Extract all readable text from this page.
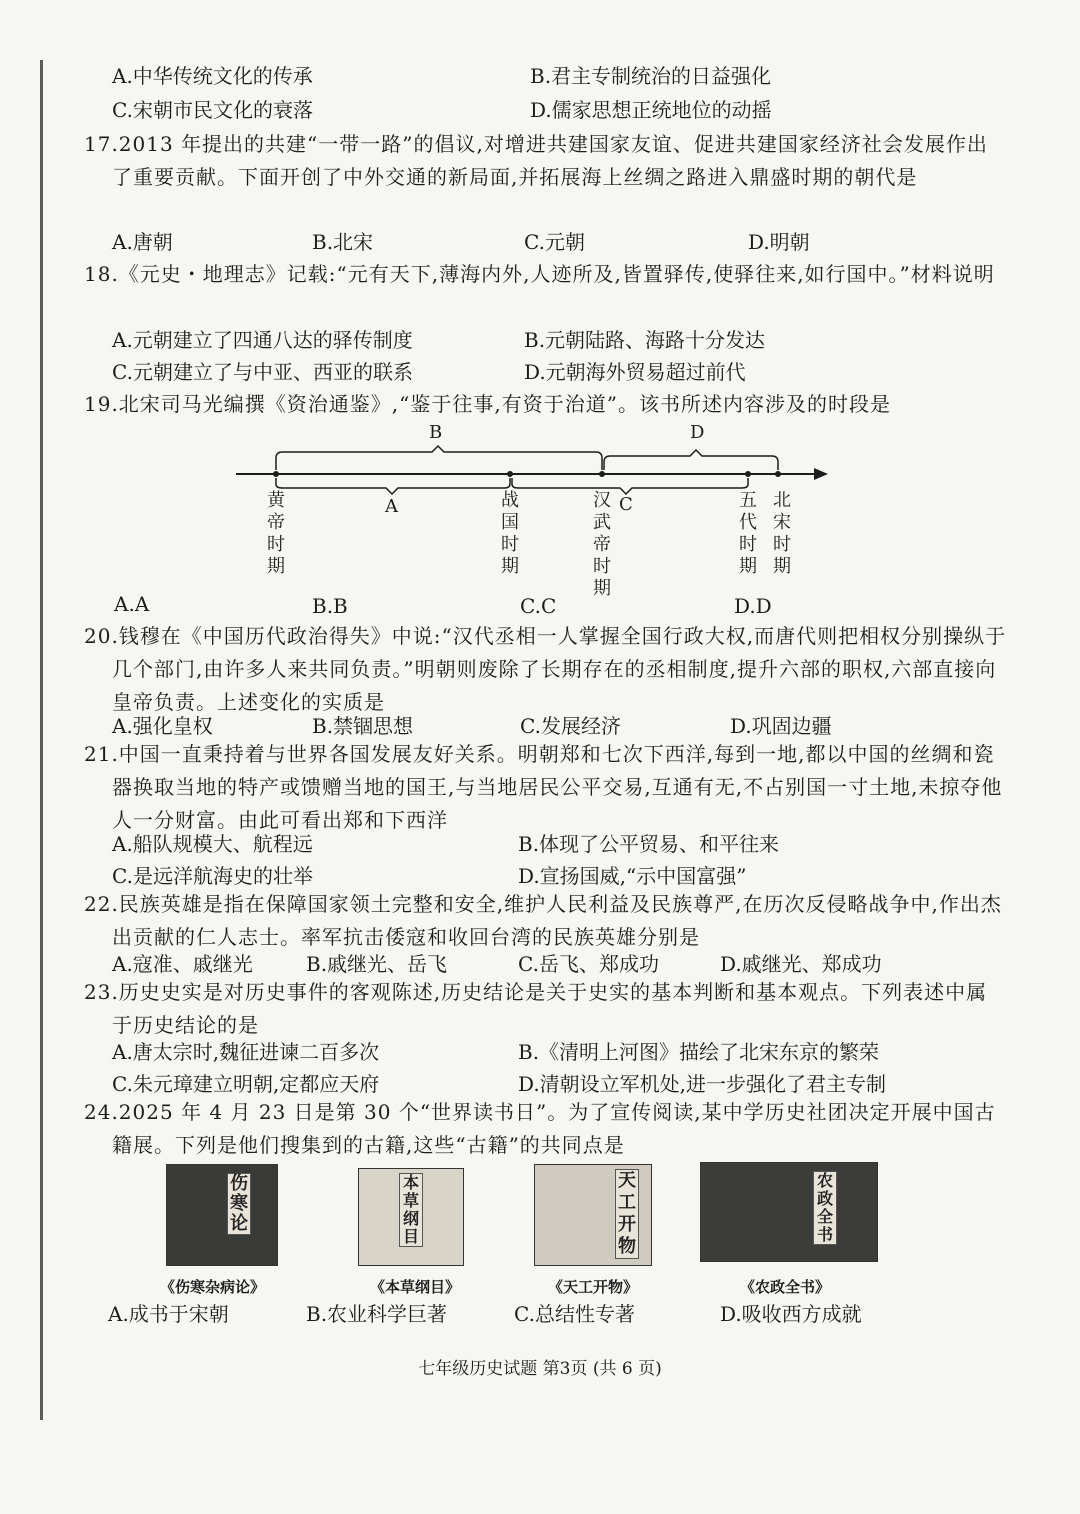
A.中华传统文化的传承	B.君主专制统治的日益强化
C.宋朝市民文化的衰落	D.儒家思想正统地位的动摇
17.2013 年提出的共建“一带一路”的倡议,对增进共建国家友谊、促进共建国家经济社会发展作出了重要贡献。下面开创了中外交通的新局面,并拓展海上丝绸之路进入鼎盛时期的朝代是
A.唐朝	B.北宋	C.元朝	D.明朝
18.《元史・地理志》记载:“元有天下,薄海内外,人迹所及,皆置驿传,使驿往来,如行国中。”材料说明
A.元朝建立了四通八达的驿传制度	B.元朝陆路、海路十分发达
C.元朝建立了与中亚、西亚的联系	D.元朝海外贸易超过前代
19.北宋司马光编撰《资治通鉴》,“鉴于往事,有资于治道”。该书所述内容涉及的时段是
B	D
A	C
黄
帝
时
期
战
国
时
期
汉
武
帝
时
期
五
代
时
期
北
宋
时
期
A.A	B.B	C.C	D.D
20.钱穆在《中国历代政治得失》中说:“汉代丞相一人掌握全国行政大权,而唐代则把相权分别操纵于几个部门,由许多人来共同负责。”明朝则废除了长期存在的丞相制度,提升六部的职权,六部直接向皇帝负责。上述变化的实质是
A.强化皇权	B.禁锢思想	C.发展经济	D.巩固边疆
21.中国一直秉持着与世界各国发展友好关系。明朝郑和七次下西洋,每到一地,都以中国的丝绸和瓷器换取当地的特产或馈赠当地的国王,与当地居民公平交易,互通有无,不占别国一寸土地,未掠夺他人一分财富。由此可看出郑和下西洋
A.船队规模大、航程远	B.体现了公平贸易、和平往来
C.是远洋航海史的壮举	D.宣扬国威,“示中国富强”
22.民族英雄是指在保障国家领土完整和安全,维护人民利益及民族尊严,在历次反侵略战争中,作出杰出贡献的仁人志士。率军抗击倭寇和收回台湾的民族英雄分别是
A.寇准、戚继光	B.戚继光、岳飞	C.岳飞、郑成功	D.戚继光、郑成功
23.历史史实是对历史事件的客观陈述,历史结论是关于史实的基本判断和基本观点。下列表述中属于历史结论的是
A.唐太宗时,魏征进谏二百多次	B.《清明上河图》描绘了北宋东京的繁荣
C.朱元璋建立明朝,定都应天府	D.清朝设立军机处,进一步强化了君主专制
24.2025 年 4 月 23 日是第 30 个“世界读书日”。为了宣传阅读,某中学历史社团决定开展中国古籍展。下列是他们搜集到的古籍,这些“古籍”的共同点是
伤
寒
论
本
草
纲
目
天
工
开
物
农
政
全
书
《伤寒杂病论》	《本草纲目》	《天工开物》	《农政全书》
A.成书于宋朝	B.农业科学巨著	C.总结性专著	D.吸收西方成就
七年级历史试题 第3页 (共 6 页)
